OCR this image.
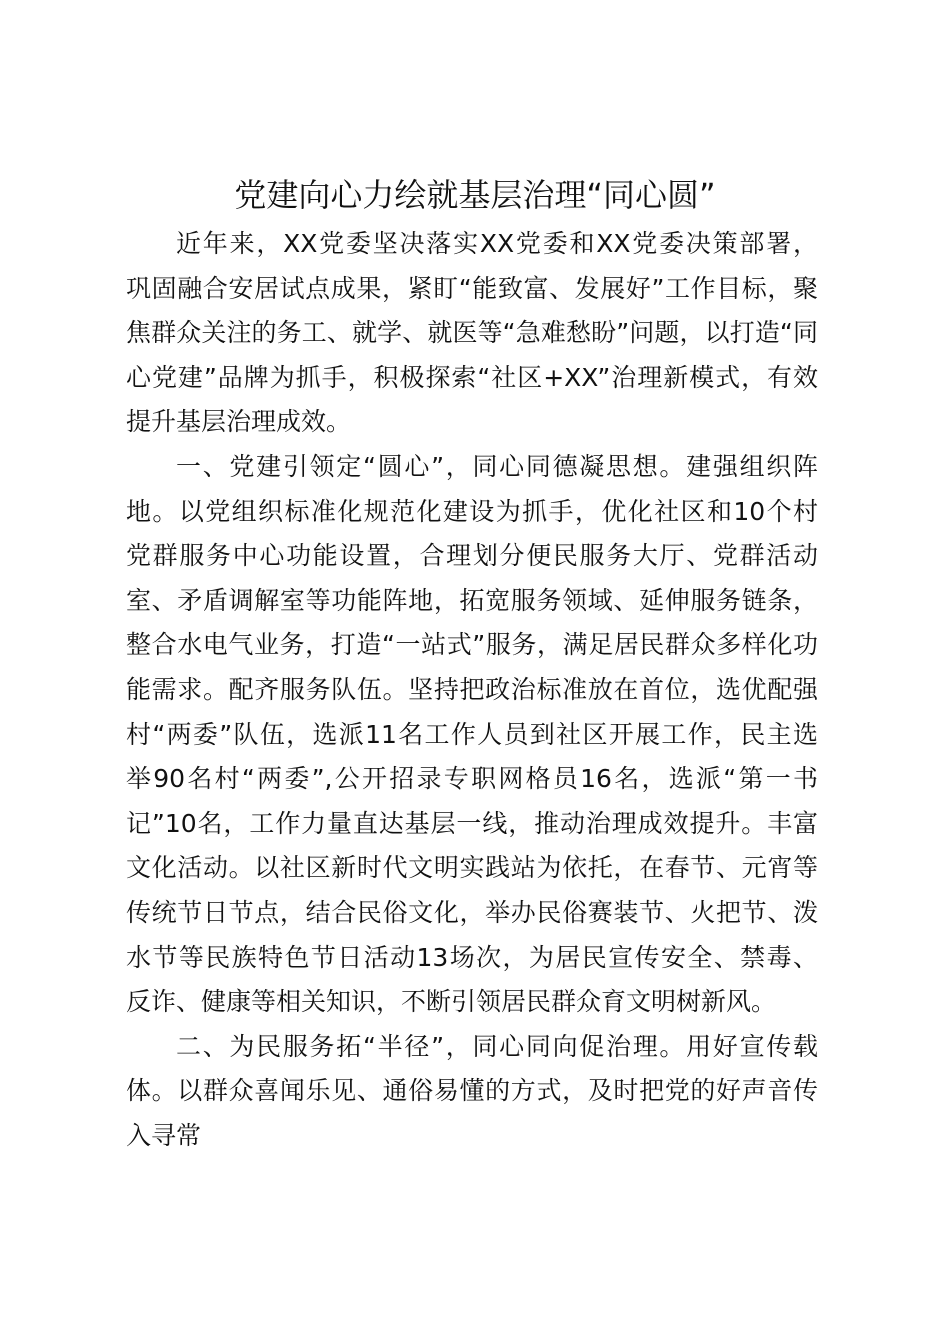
党建向心力绘就基层治理“同心圆”
近年来，XX党委坚决落实XX党委和XX党委决策部署，
巩固融合安居试点成果，紧盯“能致富、发展好”工作目标，聚
焦群众关注的务工、就学、就医等“急难愁盼”问题，以打造“同
心党建”品牌为抓手，积极探索“社区+XX”治理新模式，有效
提升基层治理成效。
一、党建引领定“圆心”，同心同德凝思想。建强组织阵
地。以党组织标准化规范化建设为抓手，优化社区和10个村
党群服务中心功能设置，合理划分便民服务大厅、党群活动
室、矛盾调解室等功能阵地，拓宽服务领域、延伸服务链条，
整合水电气业务，打造“一站式”服务，满足居民群众多样化功
能需求。配齐服务队伍。坚持把政治标准放在首位，选优配强
村“两委”队伍，选派11名工作人员到社区开展工作，民主选
举90名村“两委”,公开招录专职网格员16名，选派“第一书
记”10名，工作力量直达基层一线，推动治理成效提升。丰富
文化活动。以社区新时代文明实践站为依托，在春节、元宵等
传统节日节点，结合民俗文化，举办民俗赛装节、火把节、泼
水节等民族特色节日活动13场次，为居民宣传安全、禁毒、
反诈、健康等相关知识，不断引领居民群众育文明树新风。
二、为民服务拓“半径”，同心同向促治理。用好宣传载
体。以群众喜闻乐见、通俗易懂的方式，及时把党的好声音传
入寻常
